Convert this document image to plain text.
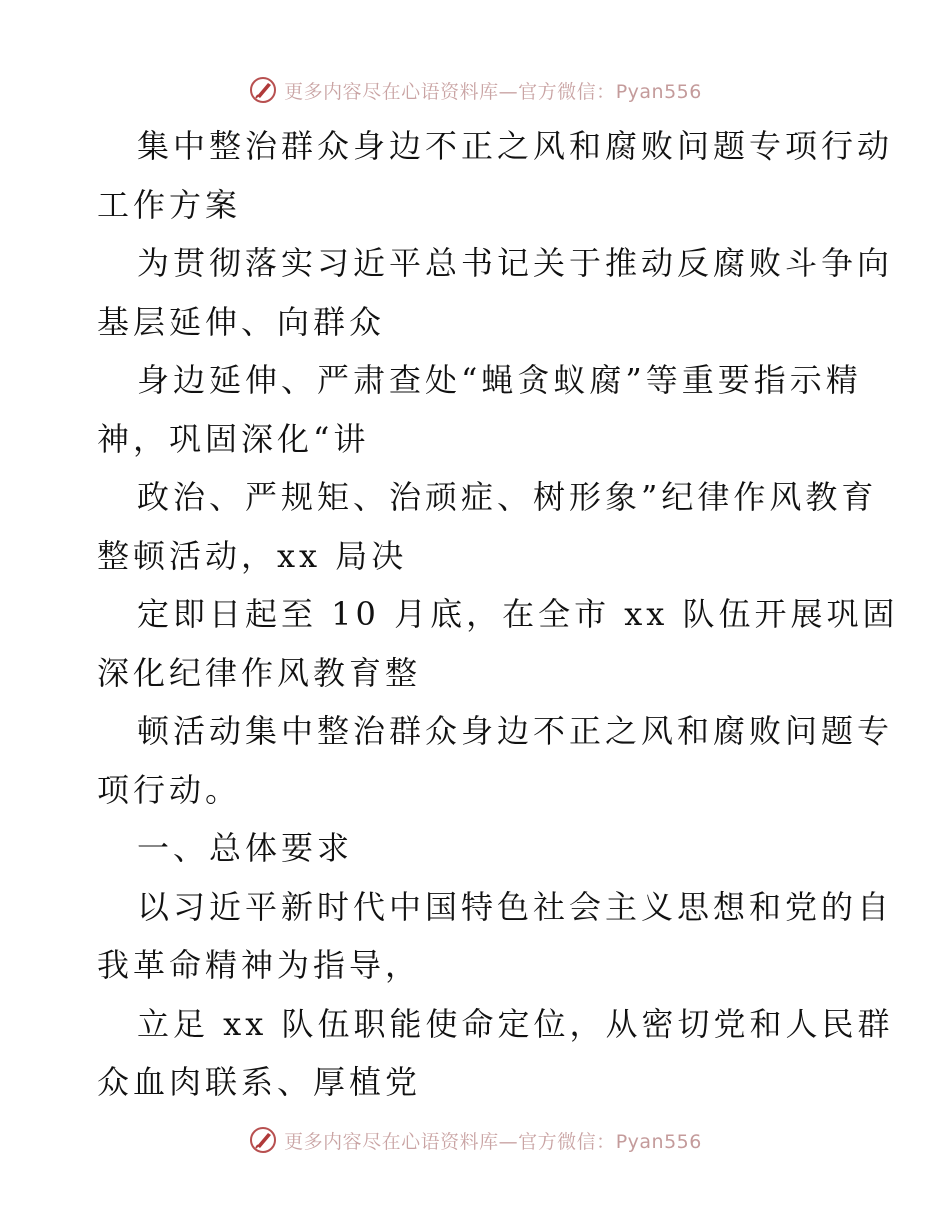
更多内容尽在心语资料库—官方微信：Pyan556
集中整治群众身边不正之风和腐败问题专项行动
工作方案
为贯彻落实习近平总书记关于推动反腐败斗争向
基层延伸、向群众
身边延伸、严肃查处“蝇贪蚁腐”等重要指示精
神，巩固深化“讲
政治、严规矩、治顽症、树形象”纪律作风教育
整顿活动，xx 局决
定即日起至 10 月底，在全市 xx 队伍开展巩固
深化纪律作风教育整
顿活动集中整治群众身边不正之风和腐败问题专
项行动。
一、总体要求
以习近平新时代中国特色社会主义思想和党的自
我革命精神为指导，
立足 xx 队伍职能使命定位，从密切党和人民群
众血肉联系、厚植党
更多内容尽在心语资料库—官方微信：Pyan556
